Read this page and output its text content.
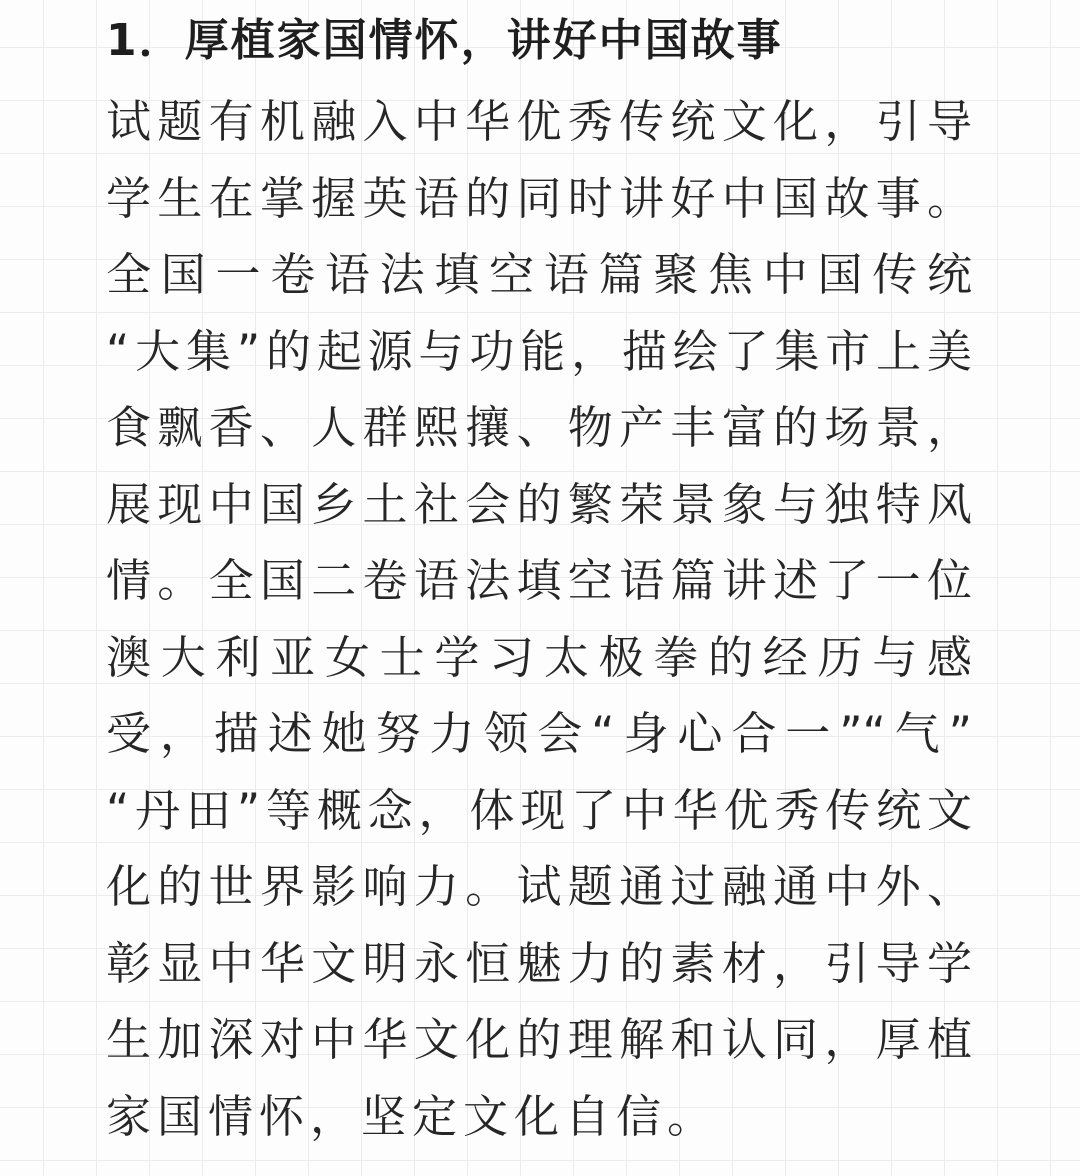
1．厚植家国情怀，讲好中国故事
试题有机融入中华优秀传统文化，引导
学生在掌握英语的同时讲好中国故事。
全国一卷语法填空语篇聚焦中国传统
“大集”的起源与功能，描绘了集市上美
食飘香、人群熙攘、物产丰富的场景，
展现中国乡土社会的繁荣景象与独特风
情。全国二卷语法填空语篇讲述了一位
澳大利亚女士学习太极拳的经历与感
受，描述她努力领会“身心合一”“气”
“丹田”等概念，体现了中华优秀传统文
化的世界影响力。试题通过融通中外、
彰显中华文明永恒魅力的素材，引导学
生加深对中华文化的理解和认同，厚植
家国情怀，坚定文化自信。
